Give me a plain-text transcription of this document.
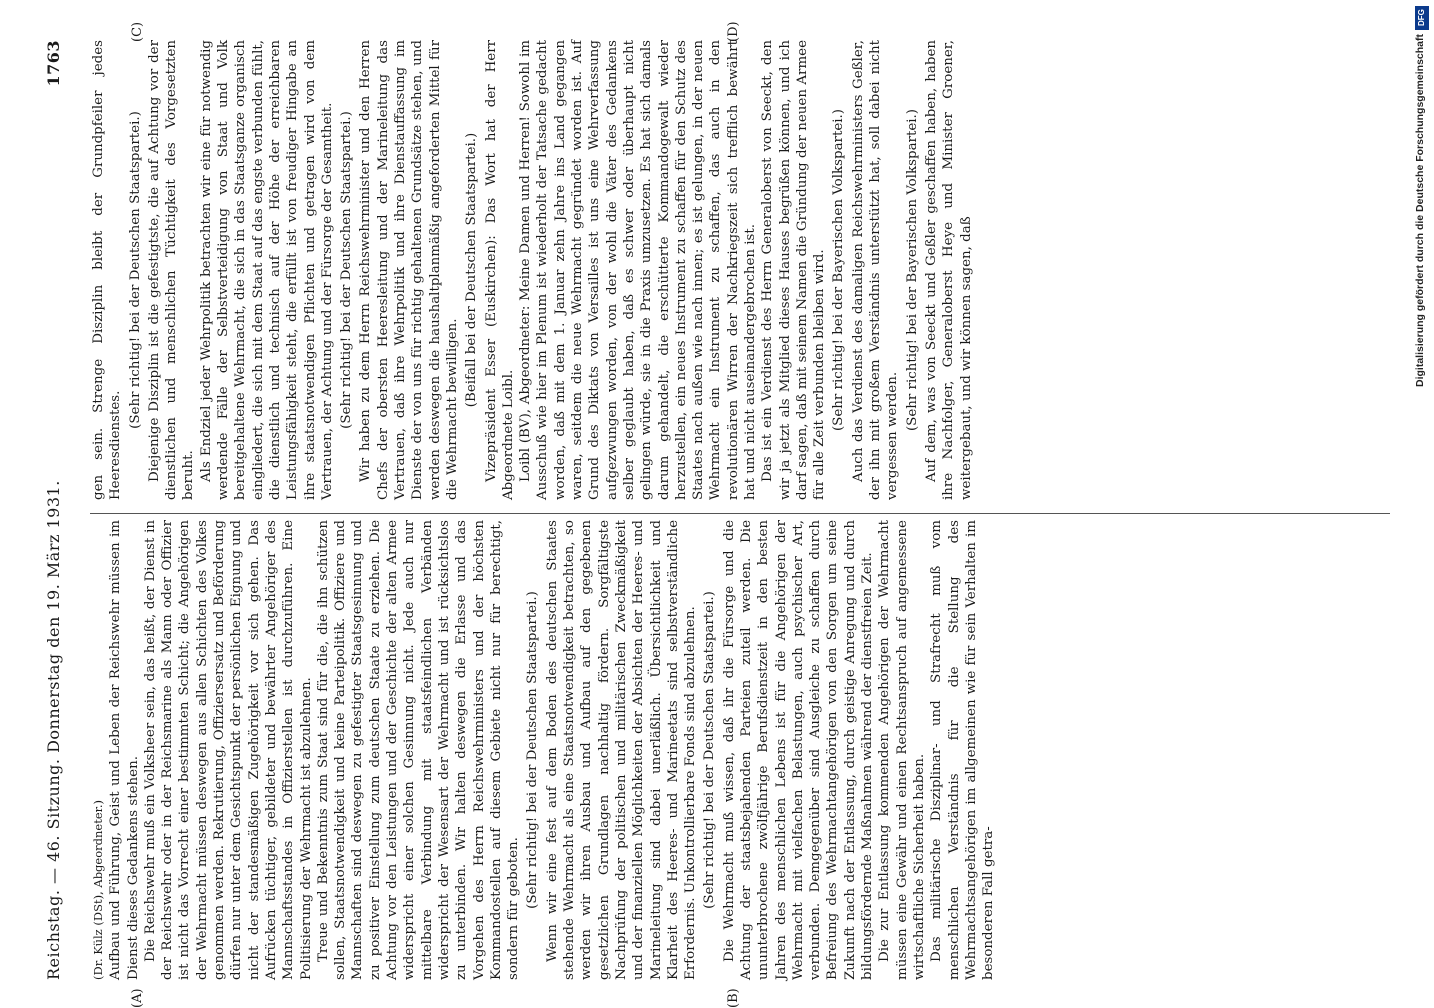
Reichstag. — 46. Sitzung. Donnerstag den 19. März 1931.
1763
(A)	(B)
(C)	(D)

(Dr. Külz (DSt), Abgeordneter.) Aufbau und Führung, Geist und Leben der Reichswehr müssen im Dienst dieses Gedankens stehen. Die Reichswehr muß ein Volksheer sein, das heißt, der Dienst in der Reichswehr oder in der Reichsmarine als Mann oder Offizier ist nicht das Vorrecht einer bestimmten Schicht; die Angehörigen der Wehrmacht müssen deswegen aus allen Schichten des Volkes genommen werden. Rekrutierung, Offiziersersatz und Beförderung dürfen nur unter dem Gesichtspunkt der persönlichen Eignung und nicht der standesmäßigen Zugehörigkeit vor sich gehen. Das Aufrücken tüchtiger, gebildeter und bewährter Angehöriger des Mannschaftsstandes in Offizierstellen ist durchzuführen. Eine Politisierung der Wehrmacht ist abzulehnen. Treue und Bekenntnis zum Staat sind für die, die ihn schützen sollen, Staatsnotwendigkeit und keine Parteipolitik. Offiziere und Mannschaften sind deswegen zu gefestigter Staatsgesinnung und zu positiver Einstellung zum deutschen Staate zu erziehen. Die Achtung vor den Leistungen und der Geschichte der alten Armee widerspricht einer solchen Gesinnung nicht. Jede auch nur mittelbare Verbindung mit staatsfeindlichen Verbänden widerspricht der Wesensart der Wehrmacht und ist rücksichtslos zu unterbinden. Wir halten deswegen die Erlasse und das Vorgehen des Herrn Reichswehrministers und der höchsten Kommandostellen auf diesem Gebiete nicht nur für berechtigt, sondern für geboten. (Sehr richtig! bei der Deutschen Staatspartei.) Wenn wir eine fest auf dem Boden des deutschen Staates stehende Wehrmacht als eine Staatsnotwendigkeit betrachten, so werden wir ihren Ausbau und Aufbau auf den gegebenen gesetzlichen Grundlagen nachhaltig fördern. Sorgfältigste Nachprüfung der politischen und militärischen Zweckmäßigkeit und der finanziellen Möglichkeiten der Absichten der Heeres- und Marineleitung sind dabei unerläßlich. Übersichtlichkeit und Klarheit des Heeres- und Marineetats sind selbstverständliche Erfordernis. Unkontrollierbare Fonds sind abzulehnen. (Sehr richtig! bei der Deutschen Staatspartei.) Die Wehrmacht muß wissen, daß ihr die Fürsorge und die Achtung der staatsbejahenden Parteien zuteil werden. Die ununterbrochene zwölfjährige Berufsdienstzeit in den besten Jahren des menschlichen Lebens ist für die Angehörigen der Wehrmacht mit vielfachen Belastungen, auch psychischer Art, verbunden. Demgegenüber sind Ausgleiche zu schaffen durch Befreiung des Wehrmachtangehörigen von den Sorgen um seine Zukunft nach der Entlassung, durch geistige Anregung und durch bildungsfördernde Maßnahmen während der dienstfreien Zeit. Die zur Entlassung kommenden Angehörigen der Wehrmacht müssen eine Gewähr und einen Rechtsanspruch auf angemessene wirtschaftliche Sicherheit haben. Das militärische Disziplinar- und Strafrecht muß vom menschlichen Verständnis für die Stellung des Wehrmachtsangehörigen im allgemeinen wie für sein Verhalten im besonderen Fall getra-

gen sein. Strenge Disziplin bleibt der Grundpfeiler jedes Heeresdienstes.

(Sehr richtig! bei der Deutschen Staatspartei.) Diejenige Disziplin ist die gefestigtste, die auf Achtung vor der dienstlichen und menschlichen Tüchtigkeit des Vorgesetzten beruht. Als Endziel jeder Wehrpolitik betrachten wir eine für notwendig werdende Fälle der Selbstverteidigung von Staat und Volk bereitgehaltene Wehrmacht, die sich in das Staatsganze organisch eingliedert, die sich mit dem Staat auf das engste verbunden fühlt, die dienstlich und technisch auf der Höhe der erreichbaren Leistungsfähigkeit steht, die erfüllt ist von freudiger Hingabe an ihre staatsnotwendigen Pflichten und getragen wird von dem Vertrauen, der Achtung und der Fürsorge der Gesamtheit. (Sehr richtig! bei der Deutschen Staatspartei.) Wir haben zu dem Herrn Reichswehrminister und den Herren Chefs der obersten Heeresleitung und der Marineleitung das Vertrauen, daß ihre Wehrpolitik und ihre Dienstauffassung im Dienste der von uns für richtig gehaltenen Grundsätze stehen, und werden deswegen die haushaltplanmäßig angeforderten Mittel für die Wehrmacht bewilligen.

(Beifall bei der Deutschen Staatspartei.) Vizepräsident Esser (Euskirchen): Das Wort hat der Herr Abgeordnete Loibl. Loibl (BV), Abgeordneter: Meine Damen und Herren! Sowohl im Ausschuß wie hier im Plenum ist wiederholt der Tatsache gedacht worden, daß mit dem 1. Januar zehn Jahre ins Land gegangen waren, seitdem die neue Wehrmacht gegründet worden ist. Auf Grund des Diktats von Versailles ist uns eine Wehrverfassung aufgezwungen worden, von der wohl die Väter des Gedankens selber geglaubt haben, daß es schwer oder überhaupt nicht gelingen würde, sie in die Praxis umzusetzen. Es hat sich damals darum gehandelt, die erschütterte Kommandogewalt wieder herzustellen, ein neues Instrument zu schaffen für den Schutz des Staates nach außen wie nach innen; es ist gelungen, in der neuen Wehrmacht ein Instrument zu schaffen, das auch in den revolutionären Wirren der Nachkriegszeit sich trefflich bewährt hat und nicht auseinandergebrochen ist. Das ist ein Verdienst des Herrn Generaloberst von Seeckt, den wir ja jetzt als Mitglied dieses Hauses begrüßen können, und ich darf sagen, daß mit seinem Namen die Gründung der neuen Armee für alle Zeit verbunden bleiben wird. (Sehr richtig! bei der Bayerischen Volkspartei.) Auch das Verdienst des damaligen Reichswehrministers Geßler, der ihn mit großem Verständnis unterstützt hat, soll dabei nicht vergessen werden.

(Sehr richtig! bei der Bayerischen Volkspartei.) Auf dem, was von Seeckt und Geßler geschaffen haben, haben ihre Nachfolger, Generaloberst Heye und Minister Groener, weitergebaut, und wir können sagen, daß

DFG
Digitalisierung gefördert durch die Deutsche Forschungsgemeinschaft
